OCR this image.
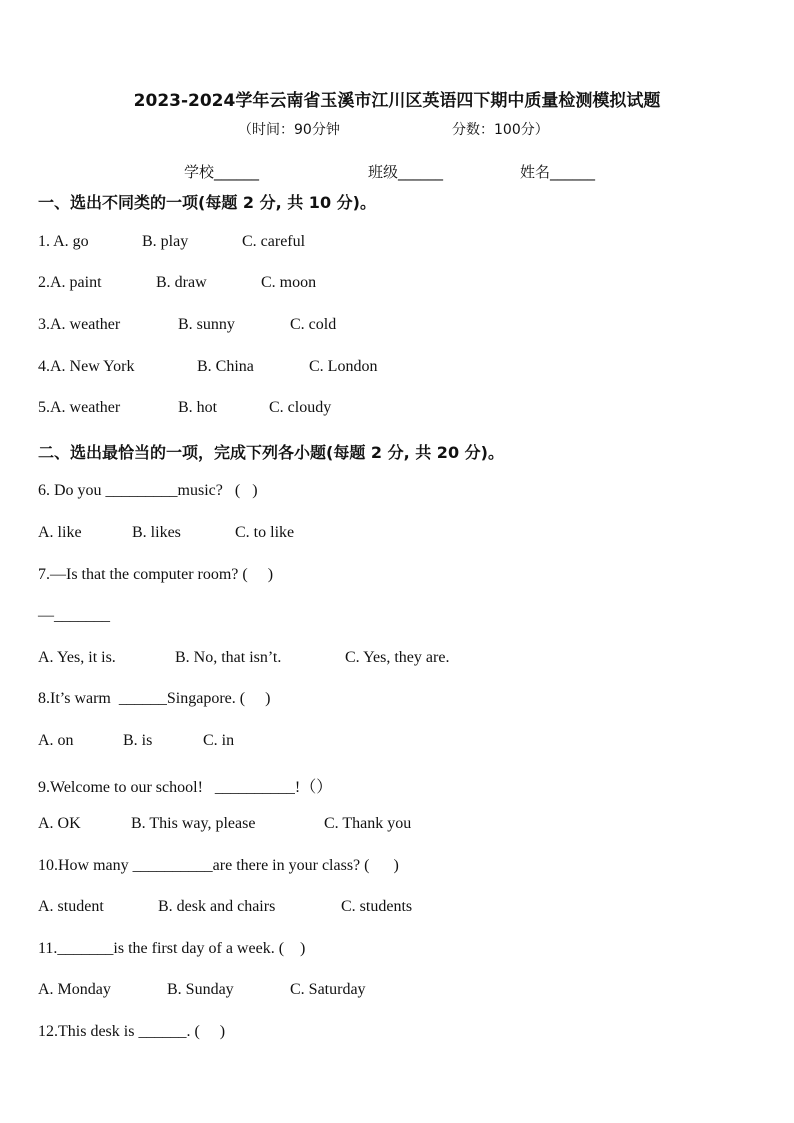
2023-2024学年云南省玉溪市江川区英语四下期中质量检测模拟试题
（时间：90分钟	分数：100分）
学校______	班级______	姓名______
一、选出不同类的一项(每题 2 分, 共 10 分)。
1. A. go	B. play	C. careful
2.A. paint	B. draw	C. moon
3.A. weather	B. sunny	C. cold
4.A. New York	B. China	C. London
5.A. weather	B. hot	C. cloudy
二、选出最恰当的一项，完成下列各小题(每题 2 分, 共 20 分)。
6. Do you _________music?   (   )
A. like	B. likes	C. to like
7.—Is that the computer room? (     )
—_______
A. Yes, it is.	B. No, that isn’t.	C. Yes, they are.
8.It’s warm  ______Singapore. (     )
A. on	B. is	C. in
9.Welcome to our school!   __________!（）
A. OK	B. This way, please	C. Thank you
10.How many __________are there in your class? (      )
A. student	B. desk and chairs	C. students
11._______is the first day of a week. (    )
A. Monday	B. Sunday	C. Saturday
12.This desk is ______. (     )
